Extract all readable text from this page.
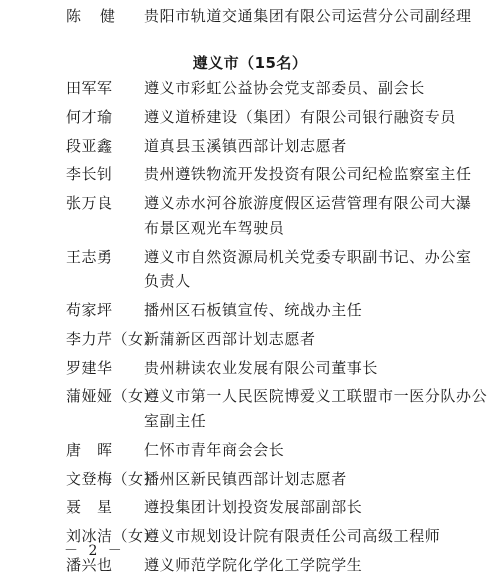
陈　健 贵阳市轨道交通集团有限公司运营分公司副经理
遵义市（15名）
田军军 遵义市彩虹公益协会党支部委员、副会长
何才瑜 遵义道桥建设（集团）有限公司银行融资专员
段亚鑫 道真县玉溪镇西部计划志愿者
李长钊 贵州遵铁物流开发投资有限公司纪检监察室主任
张万良 遵义赤水河谷旅游度假区运营管理有限公司大瀑
布景区观光车驾驶员
王志勇 遵义市自然资源局机关党委专职副书记、办公室
负责人
苟家坪 播州区石板镇宣传、统战办主任
李力芹（女）
新蒲新区西部计划志愿者
罗建华 贵州耕读农业发展有限公司董事长
蒲娅娅（女）
遵义市第一人民医院博爱义工联盟市一医分队办公
室副主任
唐　晖 仁怀市青年商会会长
文登梅（女）
播州区新民镇西部计划志愿者
聂　星 遵投集团计划投资发展部副部长
刘冰洁（女）
遵义市规划设计院有限责任公司高级工程师
潘兴也 遵义师范学院化学化工学院学生
－ 2 －
